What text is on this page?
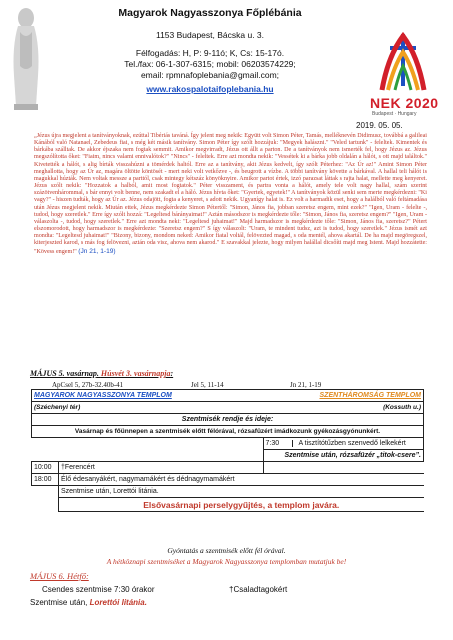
NEK 2020
Budapest · Hungary
Magyarok Nagyasszonya Főplébánia
1153 Budapest, Bácska u. 3.
Félfogadás: H, P: 9-11ó; K, Cs: 15-17ó.
Tel./fax: 06-1-307-6315; mobil: 06203574229;
email: rpmnafoplebania@gmail.com;
www.rakospalotaifoplebania.hu
2019. 05. 05.
„Jézus újra megjelent a tanítványoknak, ezúttal Tibériás taváná. Így jelent meg nekik: Együtt volt Simon Péter, Tamás, melléknevén Didimusz, továbbá a galileai Kánából való Natanael, Zebedeus fiai, s még két másik tanítvány. Simon Péter így szólt hozzájuk: "Megyek halászni." "Veled tartunk" - feleltek. Kimentek és bárkába szálltak. De akkor éjszaka nem fogtak semmit. Amikor megvirradt, Jézus ott állt a parton. De a tanítványok nem ismerték fel, hogy Jézus az. Jézus megszólította őket: "Fiaim, nincs valami ennivalótok?" "Nincs" - feleltek. Erre azt mondta nekik: "Vessétek ki a bárka jobb oldalán a hálót, s ott majd találtok." Kivetették a hálót, s alig bírták visszahúzni a tömérdek haltól. Erre az a tanítvány, akit Jézus kedvelt, így szólt Péterhez: "Az Úr az!" Amint Simon Péter meghallotta, hogy az Úr az, magára öltötte köntösét - mert neki volt vetkőzve -, és beugrott a vízbe. A többi tanítvány követte a bárkával. A hallal teli hálót is magukkal húzták. Nem voltak messze a parttól, csak mintegy kétszáz könyöknyire. Amikor partot értek, izzó parazsat láttak s rajta halat, mellette meg kenyeret. Jézus szólt nekik: "Hozzatok a halból, amit most fogtatok." Péter visszament, és partra vonta a hálót, amely tele volt nagy hallal, szám szerint százötvenhárommal, s bár ennyi volt benne, nem szakadt el a háló. Jézus hívta őket: "Gyertek, egyetek!" A tanítványok közül senki sem merte megkérdezni: "Ki vagy?" - hiszen tudták, hogy az Úr az. Jézus odajött, fogta a kenyeret, s adott nekik. Ugyanígy halat is. Ez volt a harmadik eset, hogy a halálból való feltámadása után Jézus megjelent nekik. Miután ettek, Jézus megkérdezte Simon Pétertől: "Simon, János fia, jobban szeretsz engem, mint ezek?" "Igen, Uram - felelte -, tudod, hogy szeretlek." Erre így szólt hozzá: "Legeltesd bárányaimat!" Aztán másodszor is megkérdezte tőle: "Simon, János fia, szeretsz engem?" "Igen, Uram - válaszolta -, tudod, hogy szeretlek." Erre azt mondta neki: "Legeltesd juhaimat!" Majd harmadszor is megkérdezte tőle: "Simon, János fia, szeretsz?" Pétert elszomorodott, hogy harmadszor is megkérdezte: "Szeretsz engem?" S így válaszolt: "Uram, te mindent tudsz, azt is tudod, hogy szeretlek." Jézus ismét azt mondta: "Legeltesd juhaimat!" "Bizony, bizony, mondom neked: Amikor fiatal voltál, felövezted magad, s oda mentél, ahova akartál. De ha majd megöregszel, kiterjeszted karod, s más fog felövezni, aztán oda visz, ahova nem akarod." E szavakkal jelezte, hogy milyen halállal dicsőíti majd meg Istent. Majd hozzátette: "Kövess engem!" (Jn 21, 1-19)
MÁJUS 5. vasárnap. Húsvét 3. vasárnapja:
ApCsel 5, 27b-32.40b-41	Jel 5, 11-14	Jn 21, 1-19
MAGYAROK NAGYASSZONYA TEMPLOM SZENTHÁROMSÁG TEMPLOM		

(Széchenyi tér) (Kossuth u.)		

Szentmisék rendje és ideje:		
Vasárnap és főünnepen a szentmisék előtt félórával, rózsafüzért imádkozunk gyékozásgyónunkért.		
		7:30 A tisztítótűzben szenvedő lelkekért
		Szentmise után, rózsafüzér „titok-csere”.
10:00	†Ferencért	
18:00	Élő édesanyákért, nagymamákért és dédnagymamákért	
	Szentmise után, Lorettói litánia.	
	Elsővasárnapi perselygyűjtés, a templom javára.	
Gyóntatás a szentmisék előtt fél órával.
A hétköznapi szentmiséket a Magyarok Nagyasszonya templomban mutatjuk be!
MÁJUS 6. Hétfő:
Csendes szentmise 7:30 órakor	†Csaladtagokért
Szentmise után, Lorettói litánia.
